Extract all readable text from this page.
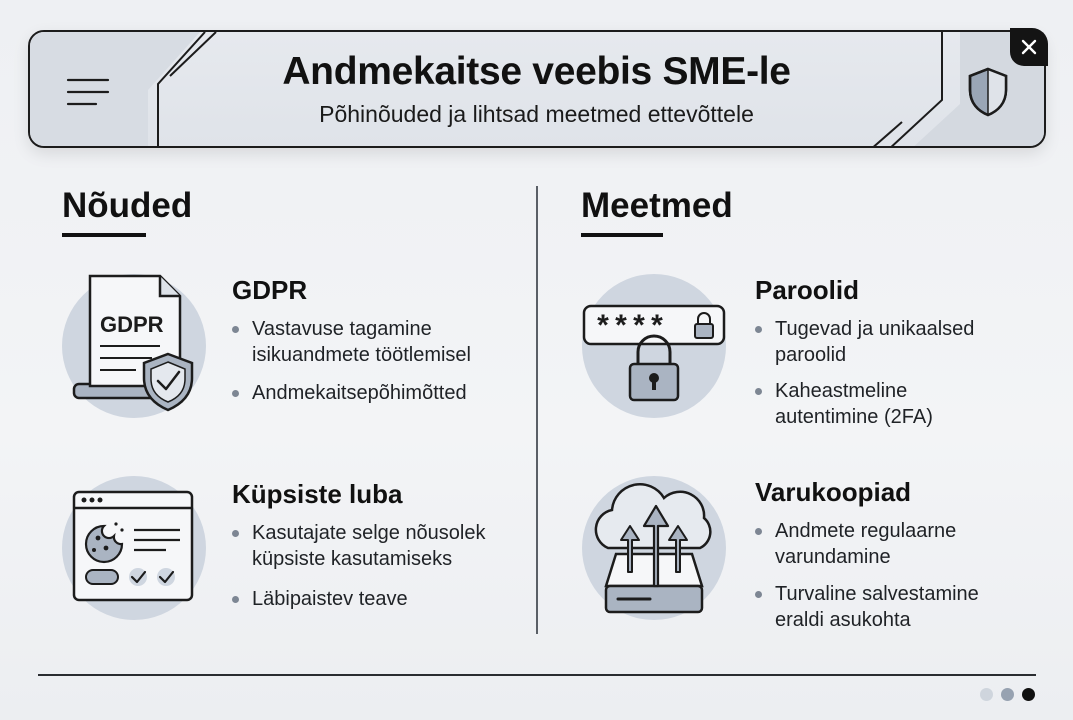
Andmekaitse veebis SME-le
Põhinõuded ja lihtsad meetmed ettevõttele
Nõuded	Meetmed
GDPR
GDPR
Vastavuse tagamine
isikuandmete töötlemisel
Andmekaitsepõhimõtted
Küpsiste luba
Kasutajate selge nõusolek
küpsiste kasutamiseks
Läbipaistev teave
****
Paroolid
Tugevad ja unikaalsed
paroolid
Kaheastmeline
autentimine (2FA)
Varukoopiad
Andmete regulaarne
varundamine
Turvaline salvestamine
eraldi asukohta
